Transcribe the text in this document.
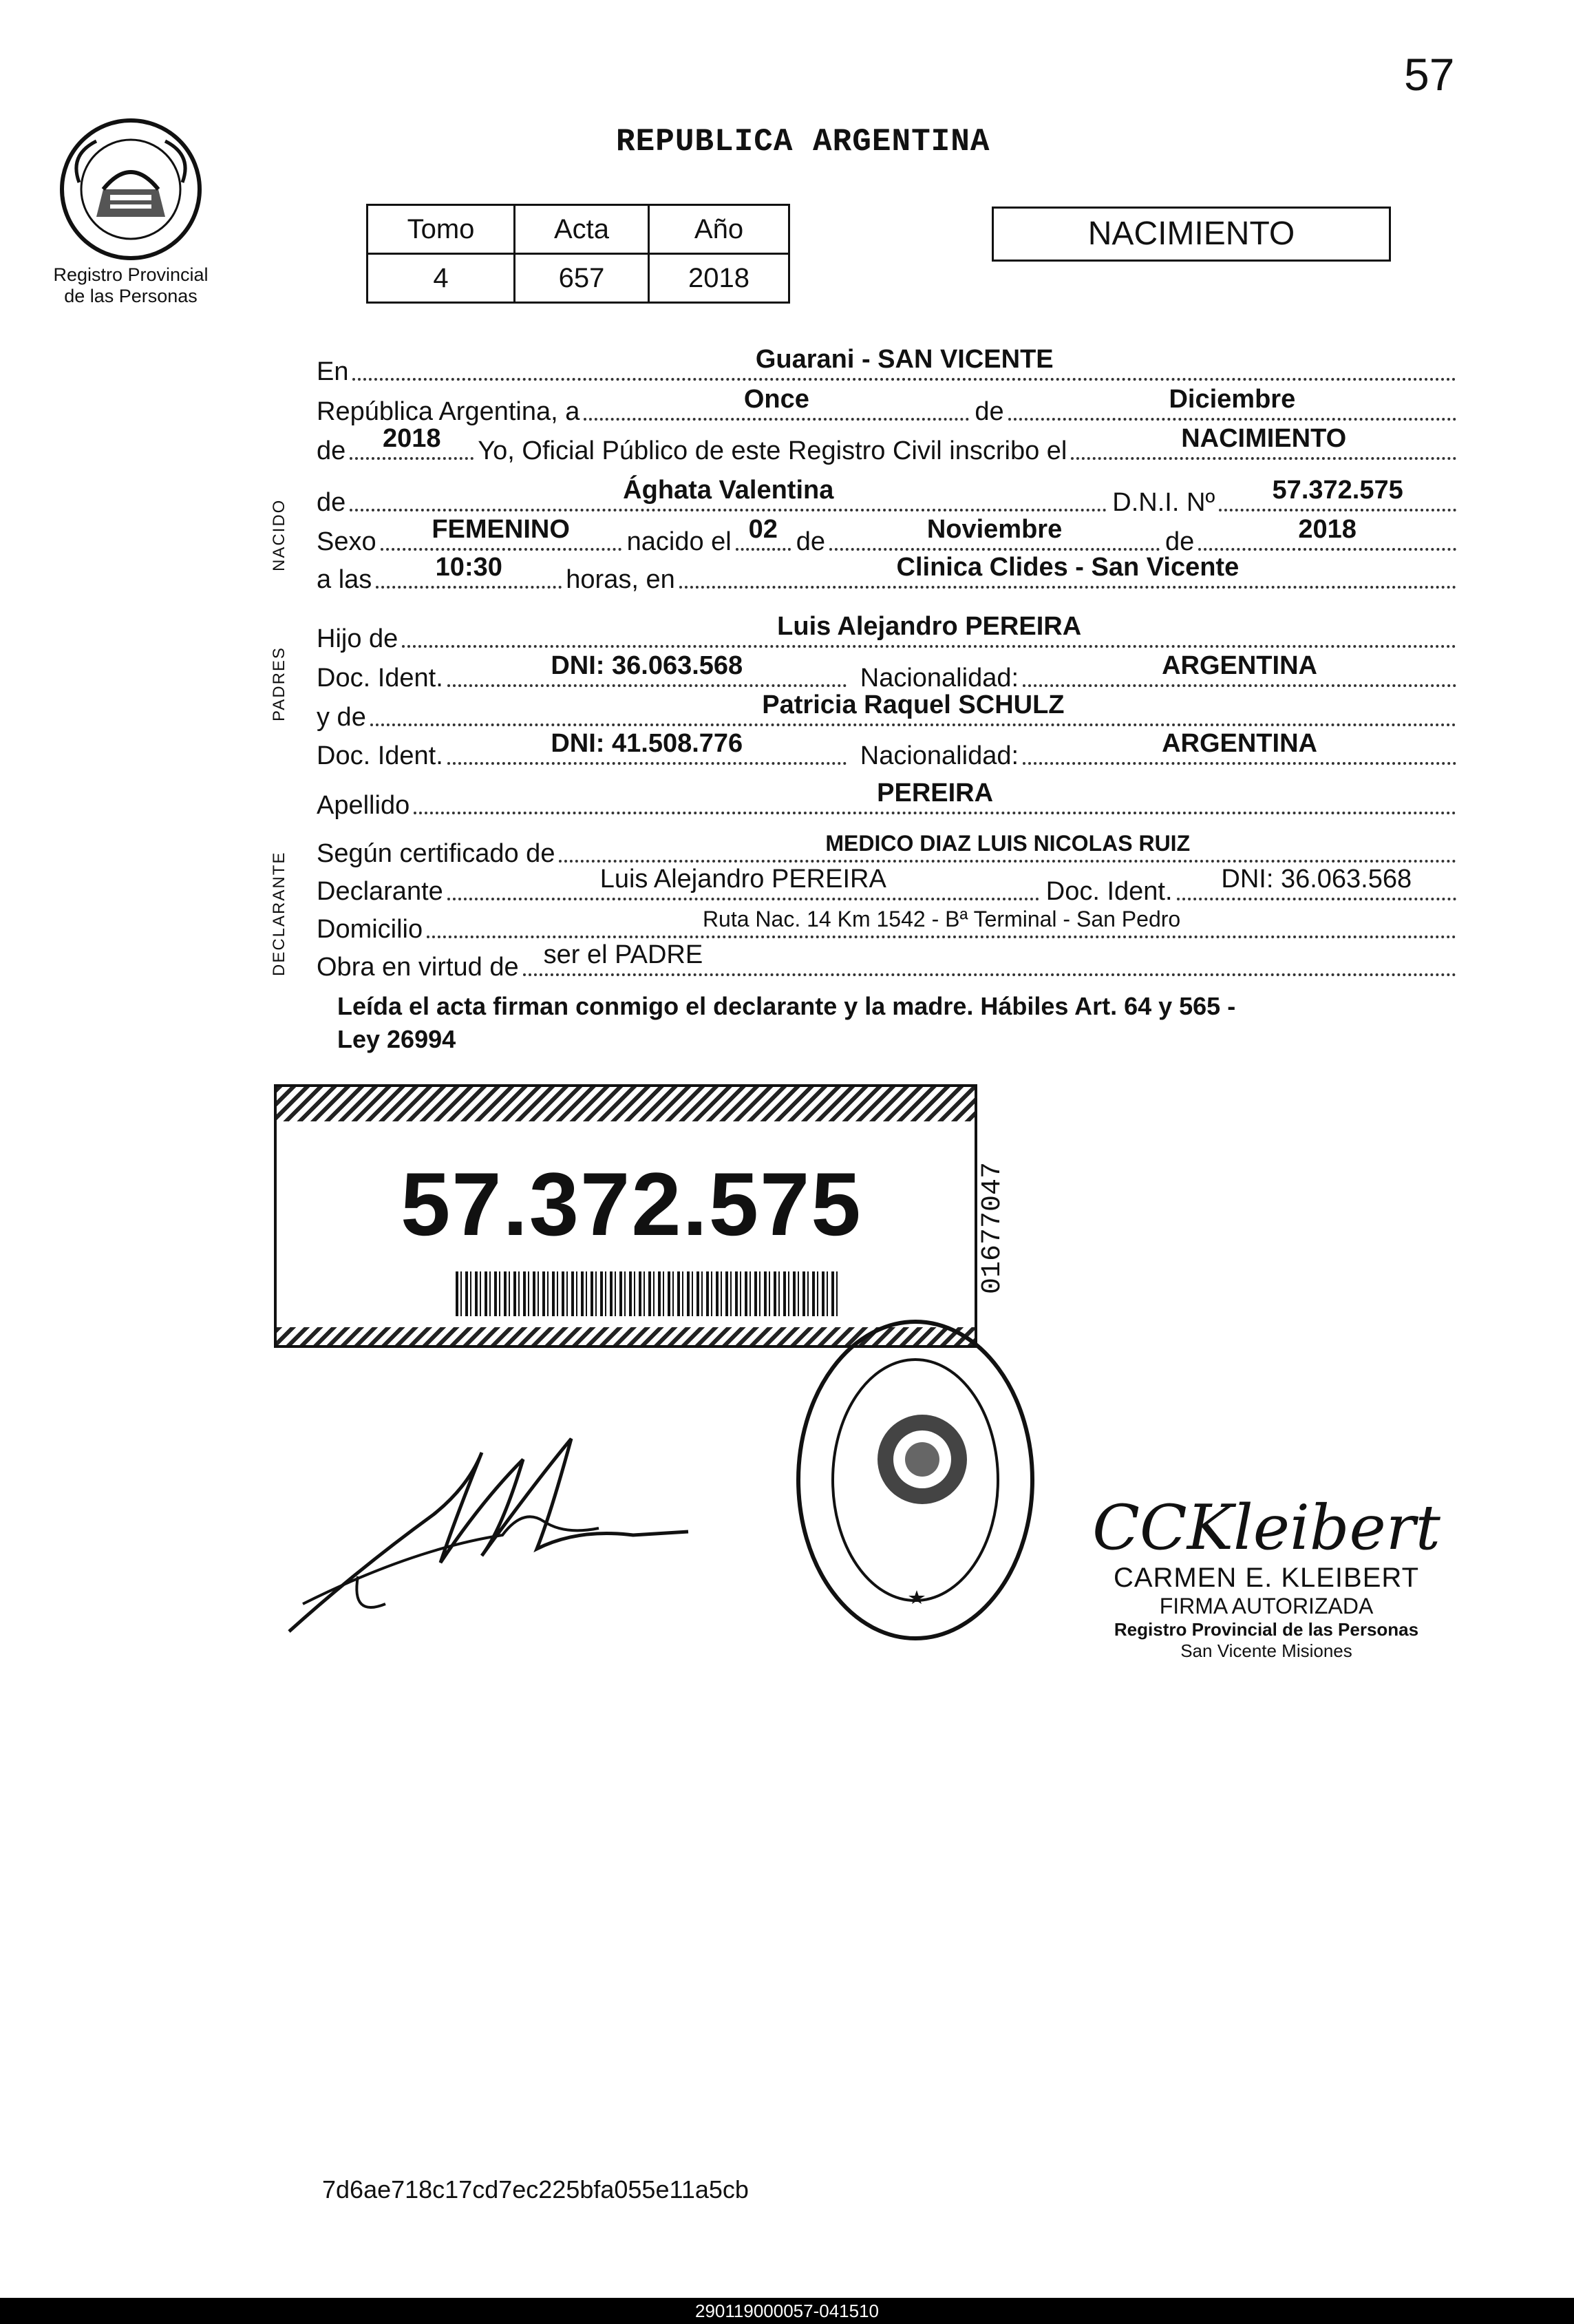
57
Registro Provincial
de las Personas
REPUBLICA ARGENTINA
Tomo	Acta	Año
4	657	2018
NACIMIENTO
En	Guarani - SAN VICENTE
República Argentina, a	Once	de	Diciembre
de	2018	Yo, Oficial Público de este Registro Civil inscribo el	NACIMIENTO
NACIDO de	Ághata Valentina	D.N.I. Nº	57.372.575
Sexo	FEMENINO	nacido el 02 de	Noviembre	de	2018
a las	10:30	horas, en	Clinica Clides - San Vicente
PADRES
Hijo de	Luis Alejandro PEREIRA
Doc. Ident.	DNI: 36.063.568	Nacionalidad:	ARGENTINA
y de	Patricia Raquel SCHULZ
Doc. Ident.	DNI: 41.508.776	Nacionalidad:	ARGENTINA
Apellido	PEREIRA
DECLARANTE Según certificado de	MEDICO DIAZ LUIS NICOLAS RUIZ
Declarante	Luis Alejandro PEREIRA	Doc. Ident.	DNI: 36.063.568
Domicilio	Ruta Nac. 14 Km 1542 - Bª Terminal - San Pedro
Obra en virtud de ser el PADRE
Leída el acta firman conmigo el declarante y la madre. Hábiles Art. 64 y 565 -
Ley 26994
57.372.575	01677047
CCKleibert
CARMEN E. KLEIBERT
FIRMA AUTORIZADA
Registro Provincial de las Personas
San Vicente Misiones
7d6ae718c17cd7ec225bfa055e11a5cb
290119000057-041510
